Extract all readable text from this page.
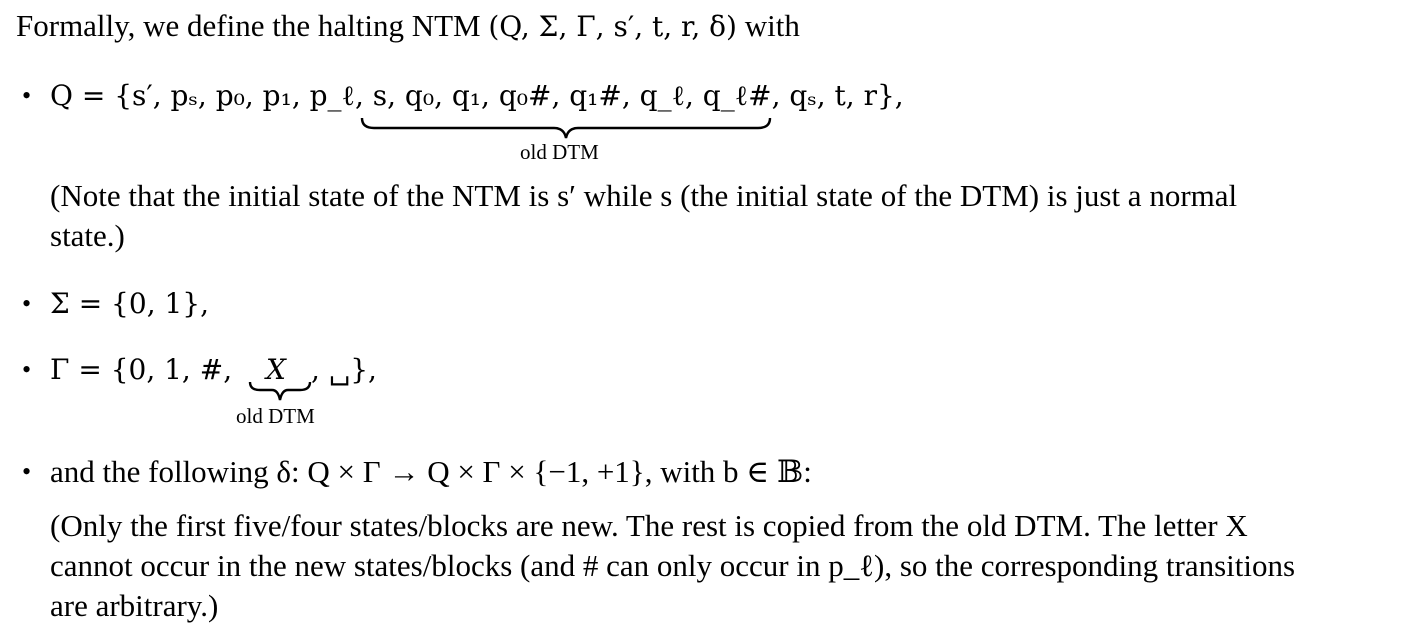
Formally, we define the halting NTM (Q, Σ, Γ, s′, t, r, δ) with
• Q = {s′, pₛ, p₀, p₁, p_ℓ, s, q₀, q₁, q₀#, q₁#, q_ℓ, q_ℓ#, qₛ, t, r},
old DTM
(Note that the initial state of the NTM is s′ while s (the initial state of the DTM) is just a normal
state.)
• Σ = {0, 1},
• Γ = {0, 1, #, X , ␣},
old DTM
• and the following δ: Q × Γ → Q × Γ × {−1, +1}, with b ∈ 𝔹:
(Only the first five/four states/blocks are new. The rest is copied from the old DTM. The letter X
cannot occur in the new states/blocks (and # can only occur in p_ℓ), so the corresponding transitions
are arbitrary.)
